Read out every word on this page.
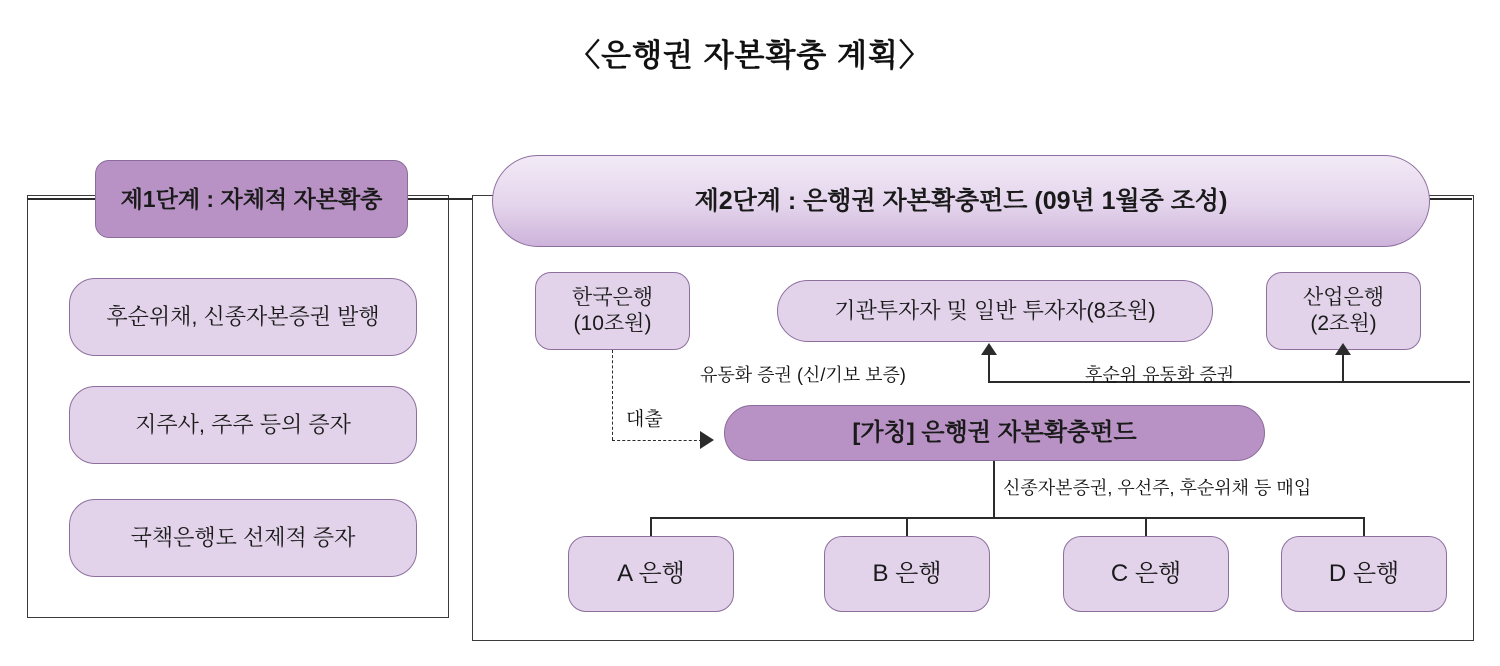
〈은행권 자본확충 계획〉
제1단계 : 자체적 자본확충
후순위채, 신종자본증권 발행
지주사, 주주 등의 증자
국책은행도 선제적 증자
제2단계 : 은행권 자본확충펀드 (09년 1월중 조성)
한국은행
(10조원)
기관투자자 및 일반 투자자(8조원)	산업은행
(2조원)
[가칭] 은행권 자본확충펀드
A 은행	B 은행	C 은행	D 은행
대출
유동화 증권 (신/기보 보증)	후순위 유동화 증권
신종자본증권, 우선주, 후순위채 등 매입
